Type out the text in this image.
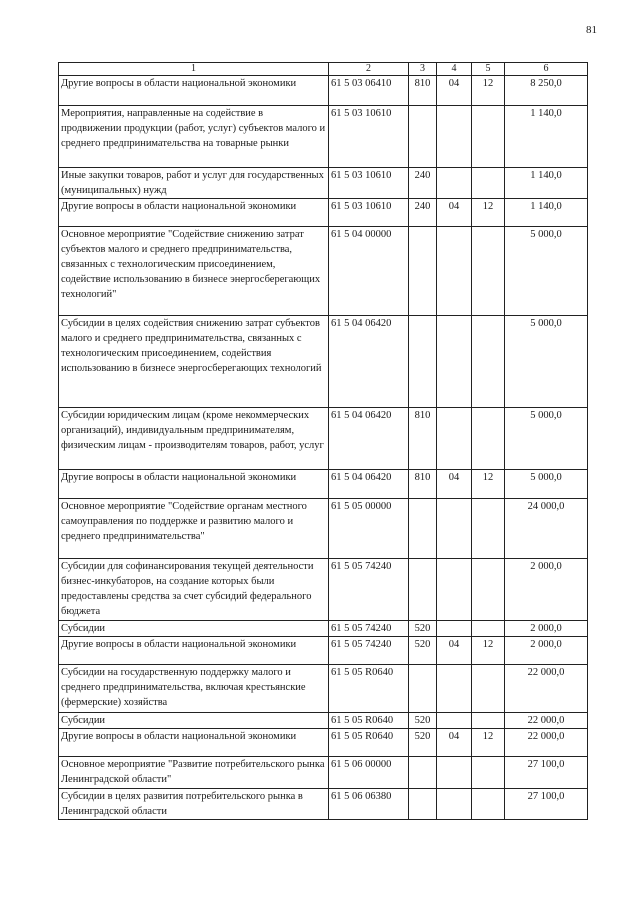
81
1	2	3	4	5	6
Другие вопросы в области национальной экономики	61 5 03 06410	810	04	12	8 250,0
Мероприятия, направленные на содействие в продвижении продукции (работ, услуг) субъектов малого и среднего предпринимательства на товарные рынки	61 5 03 10610				1 140,0
Иные закупки товаров, работ и услуг для государственных (муниципальных) нужд	61 5 03 10610	240			1 140,0
Другие вопросы в области национальной экономики	61 5 03 10610	240	04	12	1 140,0
Основное мероприятие "Содействие снижению затрат субъектов малого и среднего предпринимательства, связанных с технологическим присоединением, содействие использованию в бизнесе энергосберегающих технологий"	61 5 04 00000				5 000,0
Субсидии в целях содействия снижению затрат субъектов малого и среднего предпринимательства, связанных с технологическим присоединением, содействия использованию в бизнесе энергосберегающих технологий	61 5 04 06420				5 000,0
Субсидии юридическим лицам (кроме некоммерческих организаций), индивидуальным предпринимателям, физическим лицам - производителям товаров, работ, услуг	61 5 04 06420	810			5 000,0
Другие вопросы в области национальной экономики	61 5 04 06420	810	04	12	5 000,0
Основное мероприятие "Содействие органам местного самоуправления по поддержке и развитию малого и среднего предпринимательства"	61 5 05 00000				24 000,0
Субсидии для софинансирования текущей деятельности бизнес-инкубаторов, на создание которых были предоставлены средства за счет субсидий федерального бюджета	61 5 05 74240				2 000,0
Субсидии	61 5 05 74240	520			2 000,0
Другие вопросы в области национальной экономики	61 5 05 74240	520	04	12	2 000,0
Субсидии на государственную поддержку малого и среднего предпринимательства, включая крестьянские (фермерские) хозяйства	61 5 05 R0640				22 000,0
Субсидии	61 5 05 R0640	520			22 000,0
Другие вопросы в области национальной экономики	61 5 05 R0640	520	04	12	22 000,0
Основное мероприятие "Развитие потребительского рынка Ленинградской области"	61 5 06 00000				27 100,0
Субсидии в целях развития потребительского рынка в Ленинградской области	61 5 06 06380				27 100,0
